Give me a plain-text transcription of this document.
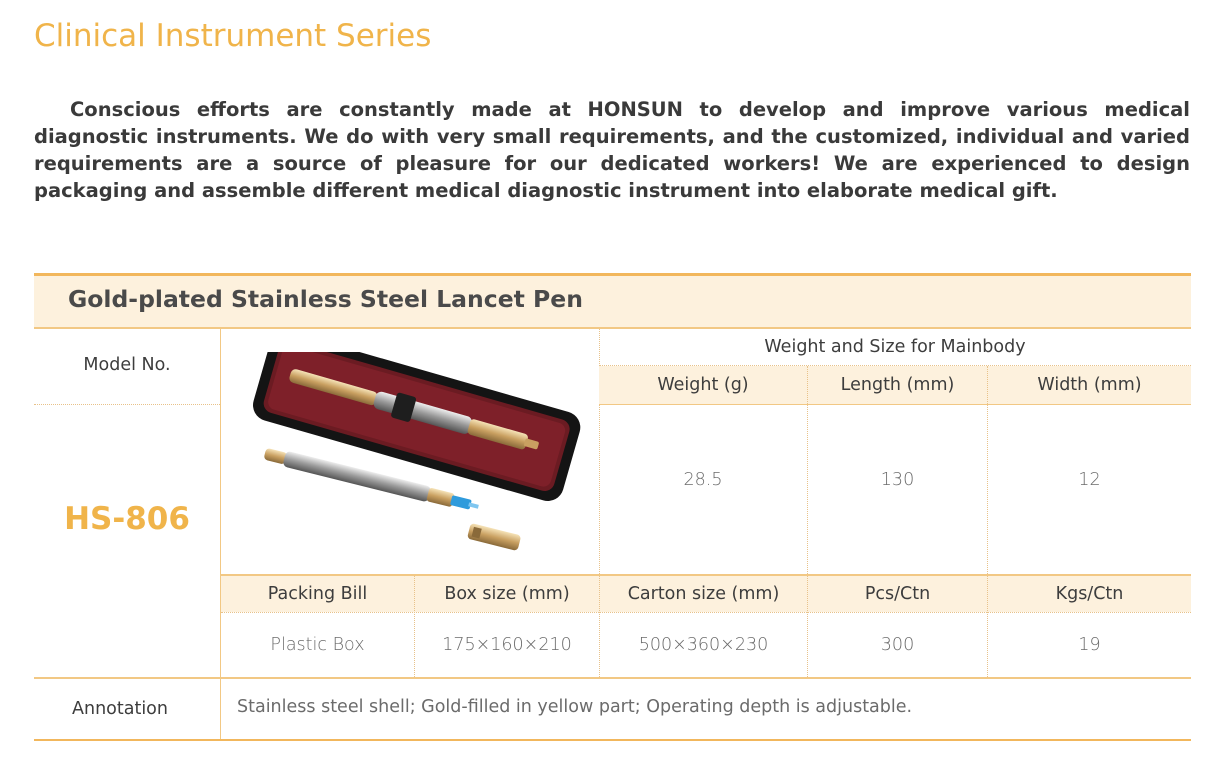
Clinical Instrument Series
Conscious efforts are constantly made at HONSUN to develop and improve various medical diagnostic instruments. We do with very small requirements, and the customized, individual and varied requirements are a source of pleasure for our dedicated workers! We are experienced to design packaging and assemble different medical diagnostic instrument into elaborate medical gift.
Gold-plated Stainless Steel Lancet Pen
Model No.
HS-806
Weight and Size for Mainbody
Weight (g)	Length (mm)	Width (mm)
28.5	130	12
Packing Bill	Box size (mm)	Carton size (mm)	Pcs/Ctn	Kgs/Ctn
Plastic Box	175×160×210	500×360×230	300	19
Annotation	Stainless steel shell; Gold-filled in yellow part; Operating depth is adjustable.
